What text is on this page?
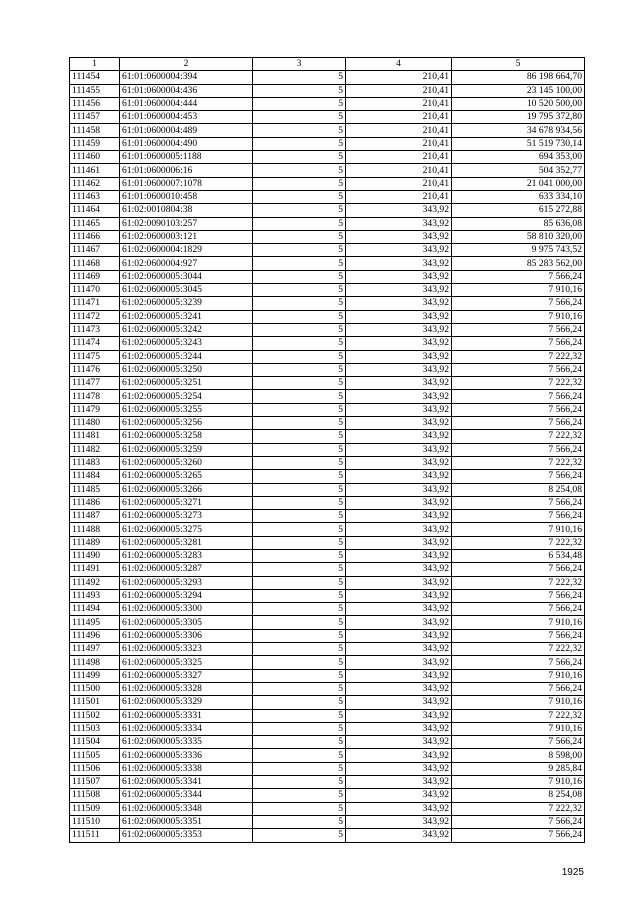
1	2	3	4	5
111454	61:01:0600004:394	5	210,41	86 198 664,70
111455	61:01:0600004:436	5	210,41	23 145 100,00
111456	61:01:0600004:444	5	210,41	10 520 500,00
111457	61:01:0600004:453	5	210,41	19 795 372,80
111458	61:01:0600004:489	5	210,41	34 678 934,56
111459	61:01:0600004:490	5	210,41	51 519 730,14
111460	61:01:0600005:1188	5	210,41	694 353,00
111461	61:01:0600006:16	5	210,41	504 352,77
111462	61:01:0600007:1078	5	210,41	21 041 000,00
111463	61:01:0600010:458	5	210,41	633 334,10
111464	61:02:0010804:38	5	343,92	615 272,88
111465	61:02:0090103:257	5	343,92	85 636,08
111466	61:02:0600003:121	5	343,92	58 810 320,00
111467	61:02:0600004:1829	5	343,92	9 975 743,52
111468	61:02:0600004:927	5	343,92	85 283 562,00
111469	61:02:0600005:3044	5	343,92	7 566,24
111470	61:02:0600005:3045	5	343,92	7 910,16
111471	61:02:0600005:3239	5	343,92	7 566,24
111472	61:02:0600005:3241	5	343,92	7 910,16
111473	61:02:0600005:3242	5	343,92	7 566,24
111474	61:02:0600005:3243	5	343,92	7 566,24
111475	61:02:0600005:3244	5	343,92	7 222,32
111476	61:02:0600005:3250	5	343,92	7 566,24
111477	61:02:0600005:3251	5	343,92	7 222,32
111478	61:02:0600005:3254	5	343,92	7 566,24
111479	61:02:0600005:3255	5	343,92	7 566,24
111480	61:02:0600005:3256	5	343,92	7 566,24
111481	61:02:0600005:3258	5	343,92	7 222,32
111482	61:02:0600005:3259	5	343,92	7 566,24
111483	61:02:0600005:3260	5	343,92	7 222,32
111484	61:02:0600005:3265	5	343,92	7 566,24
111485	61:02:0600005:3266	5	343,92	8 254,08
111486	61:02:0600005:3271	5	343,92	7 566,24
111487	61:02:0600005:3273	5	343,92	7 566,24
111488	61:02:0600005:3275	5	343,92	7 910,16
111489	61:02:0600005:3281	5	343,92	7 222,32
111490	61:02:0600005:3283	5	343,92	6 534,48
111491	61:02:0600005:3287	5	343,92	7 566,24
111492	61:02:0600005:3293	5	343,92	7 222,32
111493	61:02:0600005:3294	5	343,92	7 566,24
111494	61:02:0600005:3300	5	343,92	7 566,24
111495	61:02:0600005:3305	5	343,92	7 910,16
111496	61:02:0600005:3306	5	343,92	7 566,24
111497	61:02:0600005:3323	5	343,92	7 222,32
111498	61:02:0600005:3325	5	343,92	7 566,24
111499	61:02:0600005:3327	5	343,92	7 910,16
111500	61:02:0600005:3328	5	343,92	7 566,24
111501	61:02:0600005:3329	5	343,92	7 910,16
111502	61:02:0600005:3331	5	343,92	7 222,32
111503	61:02:0600005:3334	5	343,92	7 910,16
111504	61:02:0600005:3335	5	343,92	7 566,24
111505	61:02:0600005:3336	5	343,92	8 598,00
111506	61:02:0600005:3338	5	343,92	9 285,84
111507	61:02:0600005:3341	5	343,92	7 910,16
111508	61:02:0600005:3344	5	343,92	8 254,08
111509	61:02:0600005:3348	5	343,92	7 222,32
111510	61:02:0600005:3351	5	343,92	7 566,24
111511	61:02:0600005:3353	5	343,92	7 566,24
1925
